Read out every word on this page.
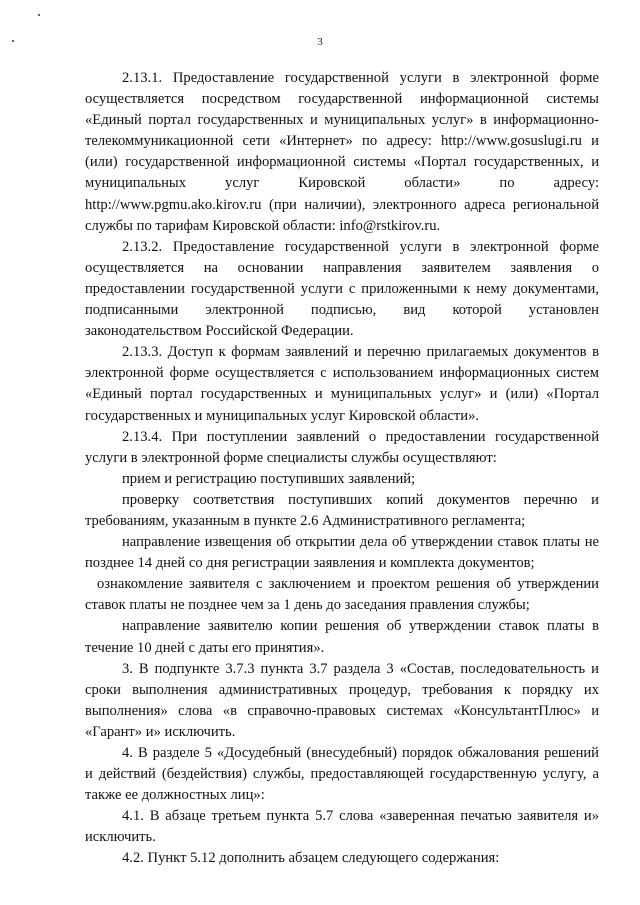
3

2.13.1. Предоставление государственной услуги в электронной форме осуществляется посредством государственной информационной системы «Единый портал государственных и муниципальных услуг» в информационно-телекоммуникационной сети «Интернет» по адресу: http://www.gosuslugi.ru и (или) государственной информационной системы «Портал государственных, и муниципальных услуг Кировской области» по адресу: http://www.pgmu.ako.kirov.ru (при наличии), электронного адреса региональной службы по тарифам Кировской области: info@rstkirov.ru.

2.13.2. Предоставление государственной услуги в электронной форме осуществляется на основании направления заявителем заявления о предоставлении государственной услуги с приложенными к нему документами, подписанными электронной подписью, вид которой установлен законодательством Российской Федерации.

2.13.3. Доступ к формам заявлений и перечню прилагаемых документов в электронной форме осуществляется с использованием информационных систем «Единый портал государственных и муниципальных услуг» и (или) «Портал государственных и муниципальных услуг Кировской области».

2.13.4. При поступлении заявлений о предоставлении государственной услуги в электронной форме специалисты службы осуществляют:

прием и регистрацию поступивших заявлений;

проверку соответствия поступивших копий документов перечню и требованиям, указанным в пункте 2.6 Административного регламента;

направление извещения об открытии дела об утверждении ставок платы не позднее 14 дней со дня регистрации заявления и комплекта документов;

ознакомление заявителя с заключением и проектом решения об утверждении ставок платы не позднее чем за 1 день до заседания правления службы;

направление заявителю копии решения об утверждении ставок платы в течение 10 дней с даты его принятия».

3. В подпункте 3.7.3 пункта 3.7 раздела 3 «Состав, последовательность и сроки выполнения административных процедур, требования к порядку их выполнения» слова «в справочно-правовых системах «КонсультантПлюс» и «Гарант» и» исключить.

4. В разделе 5 «Досудебный (внесудебный) порядок обжалования решений и действий (бездействия) службы, предоставляющей государственную услугу, а также ее должностных лиц»:

4.1. В абзаце третьем пункта 5.7 слова «заверенная печатью заявителя и» исключить.

4.2. Пункт 5.12 дополнить абзацем следующего содержания:
